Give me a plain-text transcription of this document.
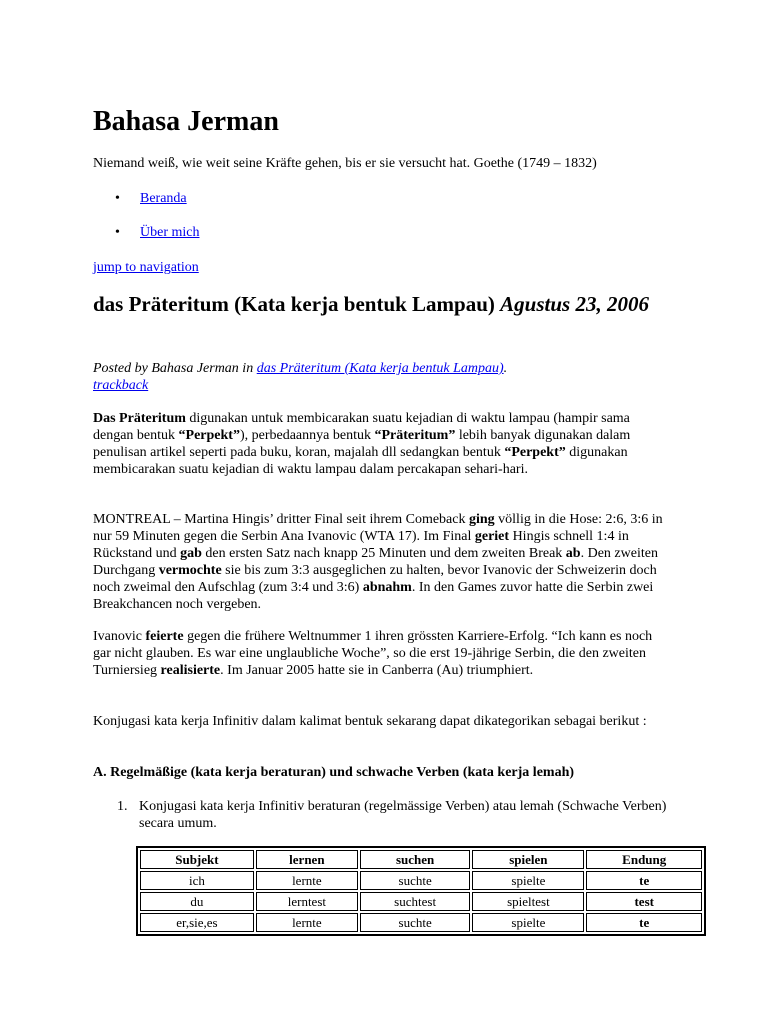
Bahasa Jerman

Niemand weiß, wie weit seine Kräfte gehen, bis er sie versucht hat. Goethe (1749 – 1832)

• Beranda
• Über mich
jump to navigation
das Präteritum (Kata kerja bentuk Lampau) Agustus 23, 2006

Posted by Bahasa Jerman in das Präteritum (Kata kerja bentuk Lampau).
trackback

Das Präteritum digunakan untuk membicarakan suatu kejadian di waktu lampau (hampir sama dengan bentuk “Perpekt”), perbedaannya bentuk “Präteritum” lebih banyak digunakan dalam penulisan artikel seperti pada buku, koran, majalah dll sedangkan bentuk “Perpekt” digunakan membicarakan suatu kejadian di waktu lampau dalam percakapan sehari-hari.

MONTREAL – Martina Hingis’ dritter Final seit ihrem Comeback ging völlig in die Hose: 2:6, 3:6 in nur 59 Minuten gegen die Serbin Ana Ivanovic (WTA 17). Im Final geriet Hingis schnell 1:4 in Rückstand und gab den ersten Satz nach knapp 25 Minuten und dem zweiten Break ab. Den zweiten Durchgang vermochte sie bis zum 3:3 ausgeglichen zu halten, bevor Ivanovic der Schweizerin doch noch zweimal den Aufschlag (zum 3:4 und 3:6) abnahm. In den Games zuvor hatte die Serbin zwei Breakchancen noch vergeben.

Ivanovic feierte gegen die frühere Weltnummer 1 ihren grössten Karriere-Erfolg. “Ich kann es noch gar nicht glauben. Es war eine unglaubliche Woche”, so die erst 19-jährige Serbin, die den zweiten Turniersieg realisierte. Im Januar 2005 hatte sie in Canberra (Au) triumphiert.

Konjugasi kata kerja Infinitiv dalam kalimat bentuk sekarang dapat dikategorikan sebagai berikut :

A. Regelmäßige (kata kerja beraturan) und schwache Verben (kata kerja lemah)

1. Konjugasi kata kerja Infinitiv beraturan (regelmässige Verben) atau lemah (Schwache Verben) secara umum.
Subjekt	lernen	suchen	spielen	Endung
ich	lernte	suchte	spielte	te
du	lerntest	suchtest	spieltest	test
er,sie,es	lernte	suchte	spielte	te
